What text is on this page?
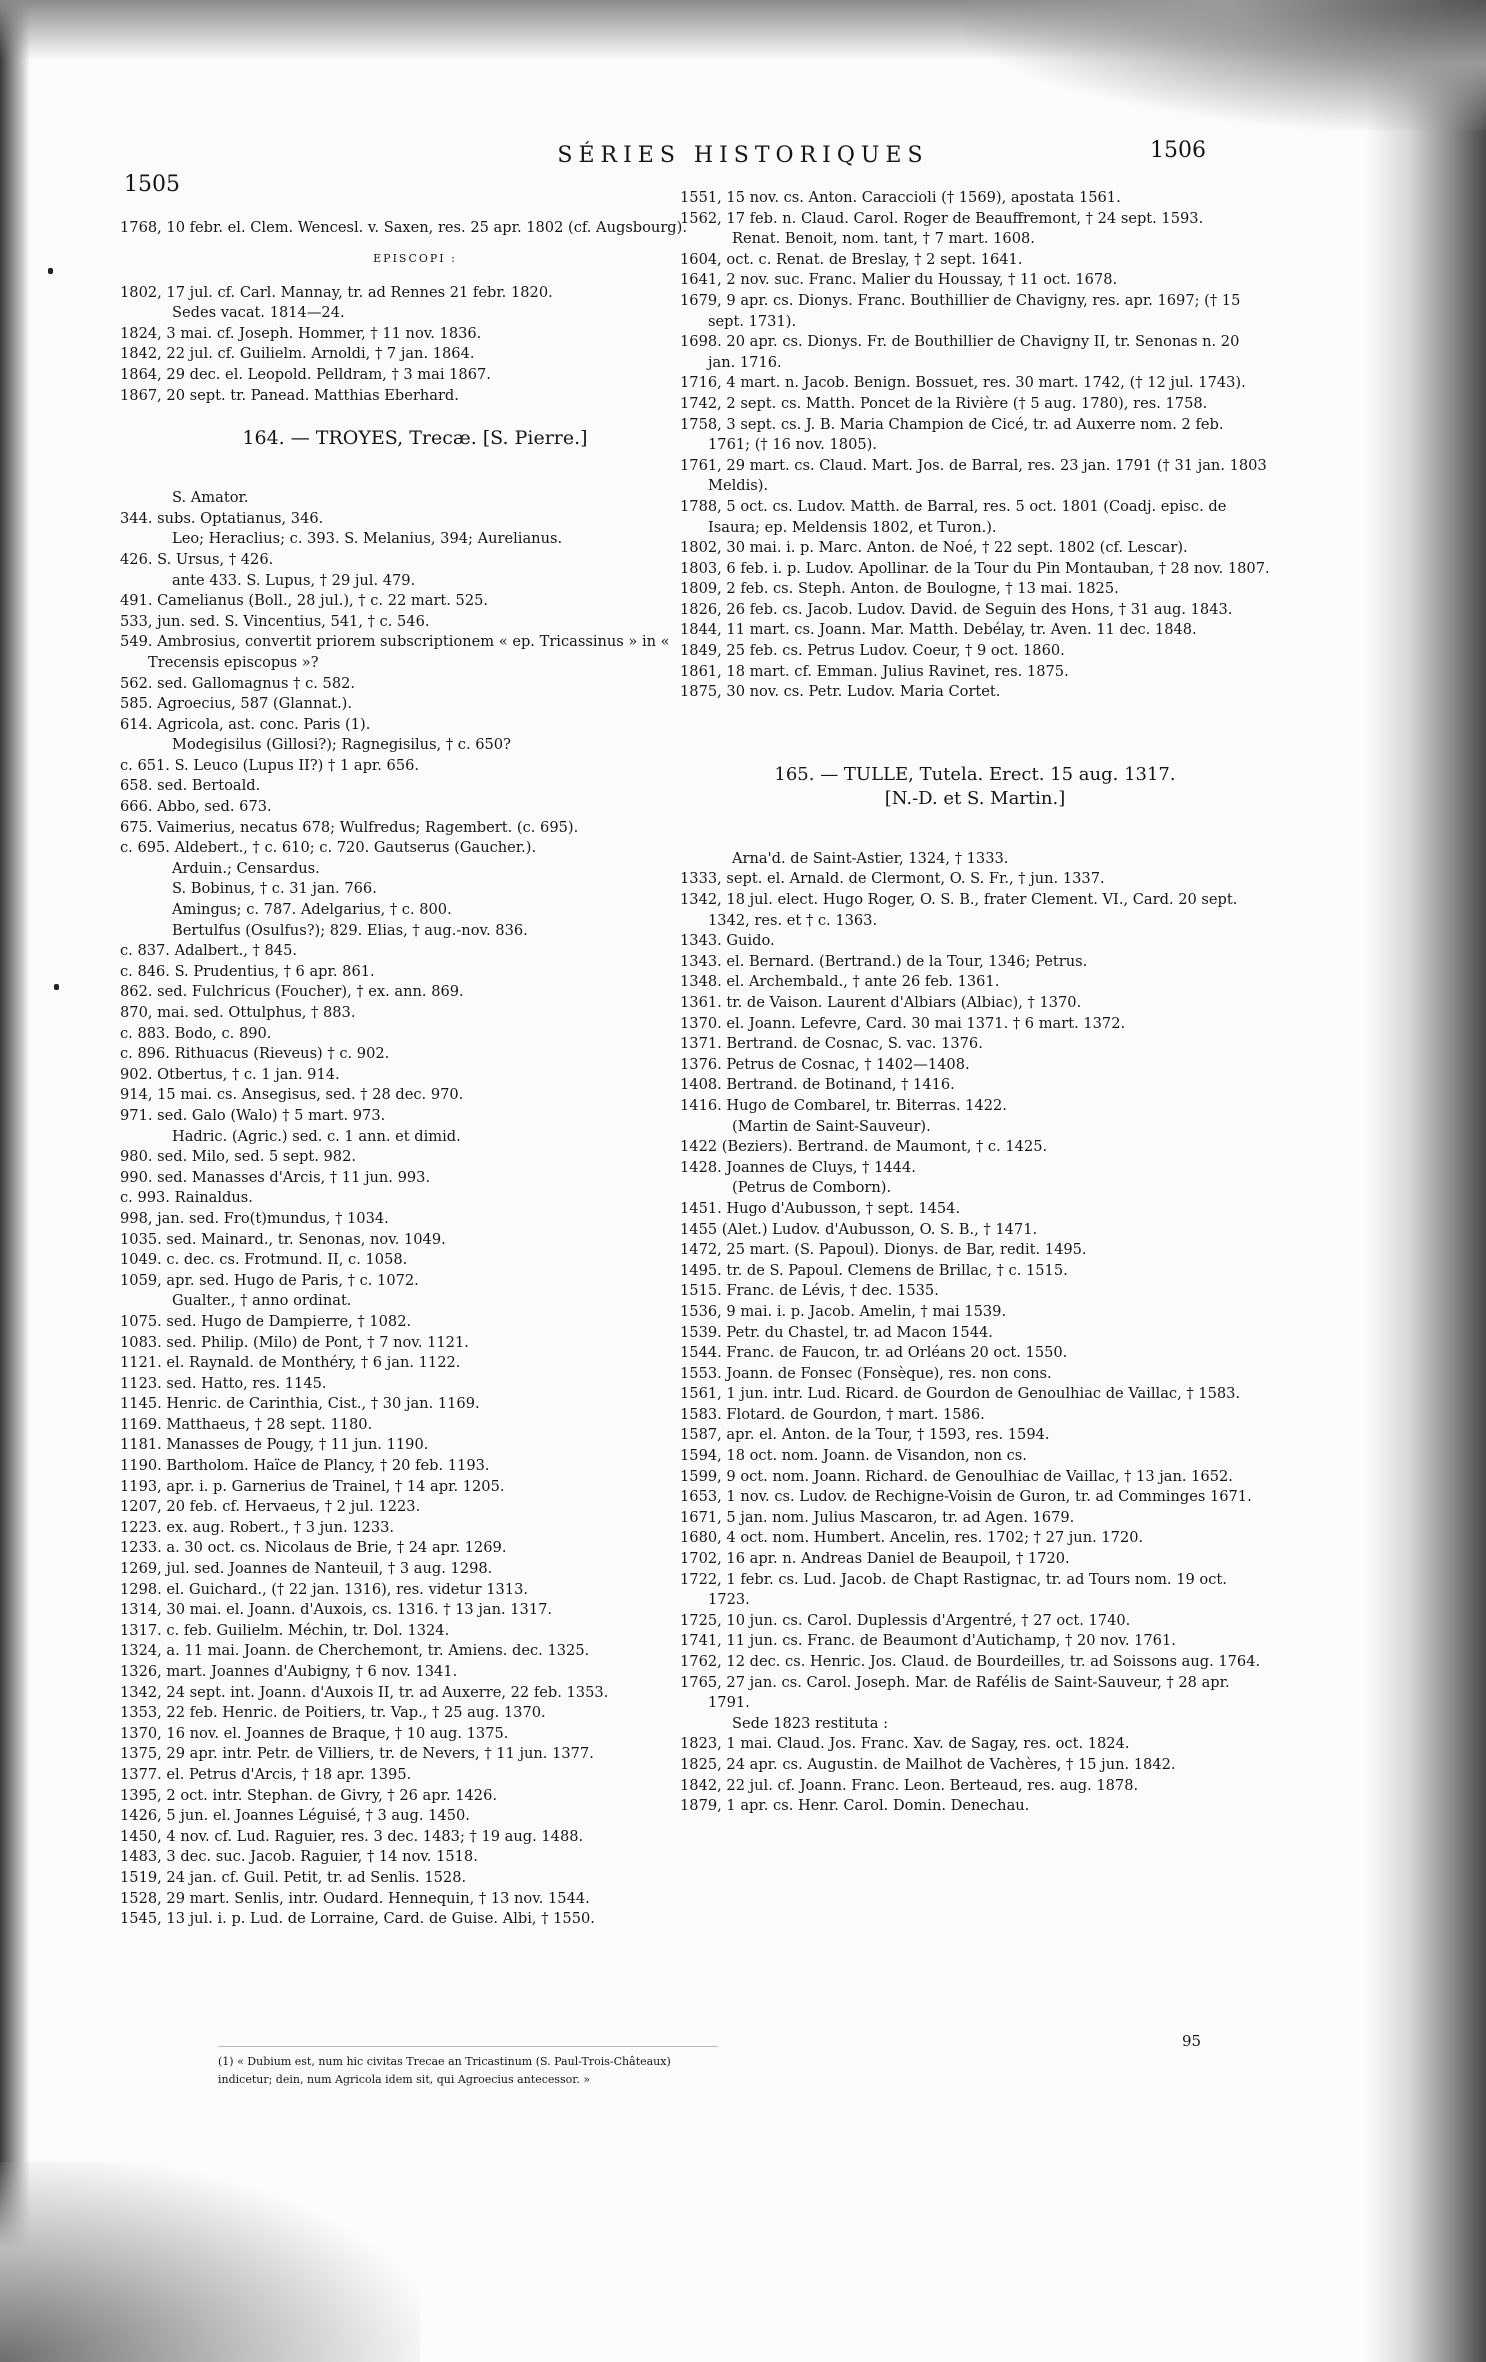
SÉRIES HISTORIQUES
1505
1506
1768, 10 febr. el. Clem. Wencesl. v. Saxen, res. 25 apr. 1802 (cf. Augsbourg).
EPISCOPI :
1802, 17 jul. cf. Carl. Mannay, tr. ad Rennes 21 febr. 1820.
Sedes vacat. 1814—24.
1824, 3 mai. cf. Joseph. Hommer, † 11 nov. 1836.
1842, 22 jul. cf. Guilielm. Arnoldi, † 7 jan. 1864.
1864, 29 dec. el. Leopold. Pelldram, † 3 mai 1867.
1867, 20 sept. tr. Panead. Matthias Eberhard.
164. — TROYES, Trecæ. [S. Pierre.]
S. Amator.
344. subs. Optatianus, 346.
Leo; Heraclius; c. 393. S. Melanius, 394; Aurelianus.
426. S. Ursus, † 426.
ante 433. S. Lupus, † 29 jul. 479.
491. Camelianus (Boll., 28 jul.), † c. 22 mart. 525.
533, jun. sed. S. Vincentius, 541, † c. 546.
549. Ambrosius, convertit priorem subscriptionem « ep. Tricassinus » in « Trecensis episcopus »?
562. sed. Gallomagnus † c. 582.
585. Agroecius, 587 (Glannat.).
614. Agricola, ast. conc. Paris (1).
Modegisilus (Gillosi?); Ragnegisilus, † c. 650?
c. 651. S. Leuco (Lupus II?) † 1 apr. 656.
658. sed. Bertoald.
666. Abbo, sed. 673.
675. Vaimerius, necatus 678; Wulfredus; Ragembert. (c. 695).
c. 695. Aldebert., † c. 610; c. 720. Gautserus (Gaucher.).
Arduin.; Censardus.
S. Bobinus, † c. 31 jan. 766.
Amingus; c. 787. Adelgarius, † c. 800.
Bertulfus (Osulfus?); 829. Elias, † aug.-nov. 836.
c. 837. Adalbert., † 845.
c. 846. S. Prudentius, † 6 apr. 861.
862. sed. Fulchricus (Foucher), † ex. ann. 869.
870, mai. sed. Ottulphus, † 883.
c. 883. Bodo, c. 890.
c. 896. Rithuacus (Rieveus) † c. 902.
902. Otbertus, † c. 1 jan. 914.
914, 15 mai. cs. Ansegisus, sed. † 28 dec. 970.
971. sed. Galo (Walo) † 5 mart. 973.
Hadric. (Agric.) sed. c. 1 ann. et dimid.
980. sed. Milo, sed. 5 sept. 982.
990. sed. Manasses d'Arcis, † 11 jun. 993.
c. 993. Rainaldus.
998, jan. sed. Fro(t)mundus, † 1034.
1035. sed. Mainard., tr. Senonas, nov. 1049.
1049. c. dec. cs. Frotmund. II, c. 1058.
1059, apr. sed. Hugo de Paris, † c. 1072.
Gualter., † anno ordinat.
1075. sed. Hugo de Dampierre, † 1082.
1083. sed. Philip. (Milo) de Pont, † 7 nov. 1121.
1121. el. Raynald. de Monthéry, † 6 jan. 1122.
1123. sed. Hatto, res. 1145.
1145. Henric. de Carinthia, Cist., † 30 jan. 1169.
1169. Matthaeus, † 28 sept. 1180.
1181. Manasses de Pougy, † 11 jun. 1190.
1190. Bartholom. Haïce de Plancy, † 20 feb. 1193.
1193, apr. i. p. Garnerius de Trainel, † 14 apr. 1205.
1207, 20 feb. cf. Hervaeus, † 2 jul. 1223.
1223. ex. aug. Robert., † 3 jun. 1233.
1233. a. 30 oct. cs. Nicolaus de Brie, † 24 apr. 1269.
1269, jul. sed. Joannes de Nanteuil, † 3 aug. 1298.
1298. el. Guichard., († 22 jan. 1316), res. videtur 1313.
1314, 30 mai. el. Joann. d'Auxois, cs. 1316. † 13 jan. 1317.
1317. c. feb. Guilielm. Méchin, tr. Dol. 1324.
1324, a. 11 mai. Joann. de Cherchemont, tr. Amiens. dec. 1325.
1326, mart. Joannes d'Aubigny, † 6 nov. 1341.
1342, 24 sept. int. Joann. d'Auxois II, tr. ad Auxerre, 22 feb. 1353.
1353, 22 feb. Henric. de Poitiers, tr. Vap., † 25 aug. 1370.
1370, 16 nov. el. Joannes de Braque, † 10 aug. 1375.
1375, 29 apr. intr. Petr. de Villiers, tr. de Nevers, † 11 jun. 1377.
1377. el. Petrus d'Arcis, † 18 apr. 1395.
1395, 2 oct. intr. Stephan. de Givry, † 26 apr. 1426.
1426, 5 jun. el. Joannes Léguisé, † 3 aug. 1450.
1450, 4 nov. cf. Lud. Raguier, res. 3 dec. 1483; † 19 aug. 1488.
1483, 3 dec. suc. Jacob. Raguier, † 14 nov. 1518.
1519, 24 jan. cf. Guil. Petit, tr. ad Senlis. 1528.
1528, 29 mart. Senlis, intr. Oudard. Hennequin, † 13 nov. 1544.
1545, 13 jul. i. p. Lud. de Lorraine, Card. de Guise. Albi, † 1550.
1551, 15 nov. cs. Anton. Caraccioli († 1569), apostata 1561.
1562, 17 feb. n. Claud. Carol. Roger de Beauffremont, † 24 sept. 1593.
Renat. Benoit, nom. tant, † 7 mart. 1608.
1604, oct. c. Renat. de Breslay, † 2 sept. 1641.
1641, 2 nov. suc. Franc. Malier du Houssay, † 11 oct. 1678.
1679, 9 apr. cs. Dionys. Franc. Bouthillier de Chavigny, res. apr. 1697; († 15 sept. 1731).
1698. 20 apr. cs. Dionys. Fr. de Bouthillier de Chavigny II, tr. Senonas n. 20 jan. 1716.
1716, 4 mart. n. Jacob. Benign. Bossuet, res. 30 mart. 1742, († 12 jul. 1743).
1742, 2 sept. cs. Matth. Poncet de la Rivière († 5 aug. 1780), res. 1758.
1758, 3 sept. cs. J. B. Maria Champion de Cicé, tr. ad Auxerre nom. 2 feb. 1761; († 16 nov. 1805).
1761, 29 mart. cs. Claud. Mart. Jos. de Barral, res. 23 jan. 1791 († 31 jan. 1803 Meldis).
1788, 5 oct. cs. Ludov. Matth. de Barral, res. 5 oct. 1801 (Coadj. episc. de Isaura; ep. Meldensis 1802, et Turon.).
1802, 30 mai. i. p. Marc. Anton. de Noé, † 22 sept. 1802 (cf. Lescar).
1803, 6 feb. i. p. Ludov. Apollinar. de la Tour du Pin Montauban, † 28 nov. 1807.
1809, 2 feb. cs. Steph. Anton. de Boulogne, † 13 mai. 1825.
1826, 26 feb. cs. Jacob. Ludov. David. de Seguin des Hons, † 31 aug. 1843.
1844, 11 mart. cs. Joann. Mar. Matth. Debélay, tr. Aven. 11 dec. 1848.
1849, 25 feb. cs. Petrus Ludov. Coeur, † 9 oct. 1860.
1861, 18 mart. cf. Emman. Julius Ravinet, res. 1875.
1875, 30 nov. cs. Petr. Ludov. Maria Cortet.
165. — TULLE, Tutela. Erect. 15 aug. 1317.
[N.-D. et S. Martin.]
Arna'd. de Saint-Astier, 1324, † 1333.
1333, sept. el. Arnald. de Clermont, O. S. Fr., † jun. 1337.
1342, 18 jul. elect. Hugo Roger, O. S. B., frater Clement. VI., Card. 20 sept. 1342, res. et † c. 1363.
1343. Guido.
1343. el. Bernard. (Bertrand.) de la Tour, 1346; Petrus.
1348. el. Archembald., † ante 26 feb. 1361.
1361. tr. de Vaison. Laurent d'Albiars (Albiac), † 1370.
1370. el. Joann. Lefevre, Card. 30 mai 1371. † 6 mart. 1372.
1371. Bertrand. de Cosnac, S. vac. 1376.
1376. Petrus de Cosnac, † 1402—1408.
1408. Bertrand. de Botinand, † 1416.
1416. Hugo de Combarel, tr. Biterras. 1422.
(Martin de Saint-Sauveur).
1422 (Beziers). Bertrand. de Maumont, † c. 1425.
1428. Joannes de Cluys, † 1444.
(Petrus de Comborn).
1451. Hugo d'Aubusson, † sept. 1454.
1455 (Alet.) Ludov. d'Aubusson, O. S. B., † 1471.
1472, 25 mart. (S. Papoul). Dionys. de Bar, redit. 1495.
1495. tr. de S. Papoul. Clemens de Brillac, † c. 1515.
1515. Franc. de Lévis, † dec. 1535.
1536, 9 mai. i. p. Jacob. Amelin, † mai 1539.
1539. Petr. du Chastel, tr. ad Macon 1544.
1544. Franc. de Faucon, tr. ad Orléans 20 oct. 1550.
1553. Joann. de Fonsec (Fonsèque), res. non cons.
1561, 1 jun. intr. Lud. Ricard. de Gourdon de Genoulhiac de Vaillac, † 1583.
1583. Flotard. de Gourdon, † mart. 1586.
1587, apr. el. Anton. de la Tour, † 1593, res. 1594.
1594, 18 oct. nom. Joann. de Visandon, non cs.
1599, 9 oct. nom. Joann. Richard. de Genoulhiac de Vaillac, † 13 jan. 1652.
1653, 1 nov. cs. Ludov. de Rechigne-Voisin de Guron, tr. ad Comminges 1671.
1671, 5 jan. nom. Julius Mascaron, tr. ad Agen. 1679.
1680, 4 oct. nom. Humbert. Ancelin, res. 1702; † 27 jun. 1720.
1702, 16 apr. n. Andreas Daniel de Beaupoil, † 1720.
1722, 1 febr. cs. Lud. Jacob. de Chapt Rastignac, tr. ad Tours nom. 19 oct. 1723.
1725, 10 jun. cs. Carol. Duplessis d'Argentré, † 27 oct. 1740.
1741, 11 jun. cs. Franc. de Beaumont d'Autichamp, † 20 nov. 1761.
1762, 12 dec. cs. Henric. Jos. Claud. de Bourdeilles, tr. ad Soissons aug. 1764.
1765, 27 jan. cs. Carol. Joseph. Mar. de Rafélis de Saint-Sauveur, † 28 apr. 1791.
Sede 1823 restituta :
1823, 1 mai. Claud. Jos. Franc. Xav. de Sagay, res. oct. 1824.
1825, 24 apr. cs. Augustin. de Mailhot de Vachères, † 15 jun. 1842.
1842, 22 jul. cf. Joann. Franc. Leon. Berteaud, res. aug. 1878.
1879, 1 apr. cs. Henr. Carol. Domin. Denechau.
(1) « Dubium est, num hic civitas Trecae an Tricastinum (S. Paul-Trois-Châteaux) indicetur; dein, num Agricola idem sit, qui Agroecius antecessor. »
95
